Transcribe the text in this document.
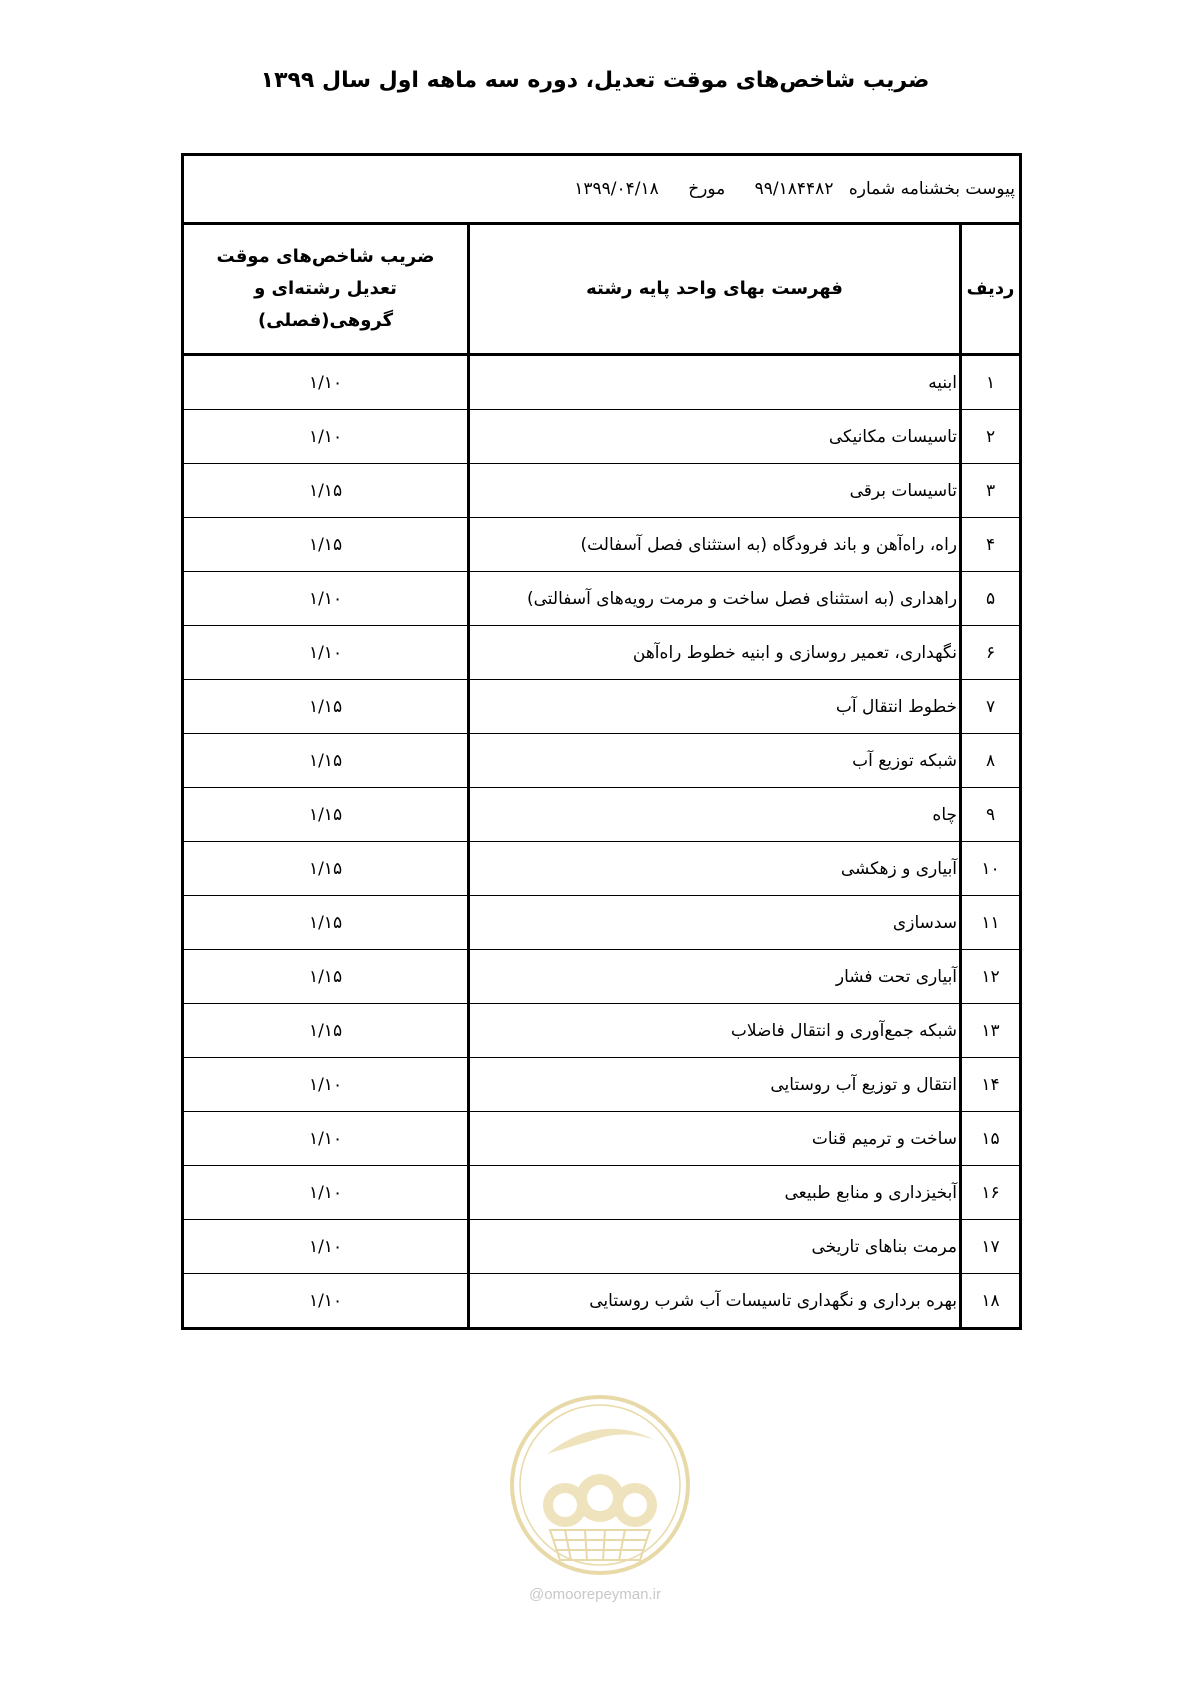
ضریب شاخص‌های موقت تعدیل، دوره سه ماهه اول سال ۱۳۹۹
پیوست بخشنامه شماره ۹۹/۱۸۴۴۸۲ مورخ ۱۳۹۹/۰۴/۱۸		
ردیف	فهرست بهای واحد پایه رشته	ضریب شاخص‌های موقت
تعدیل رشته‌ای و گروهی(فصلی)

۱	ابنیه	۱/۱۰
۲	تاسیسات مکانیکی	۱/۱۰
۳	تاسیسات برقی	۱/۱۵
۴	راه، راه‌آهن و باند فرودگاه (به استثنای فصل آسفالت)	۱/۱۵
۵	راهداری (به استثنای فصل ساخت و مرمت رویه‌های آسفالتی)	۱/۱۰
۶	نگهداری، تعمیر روسازی و ابنیه خطوط راه‌آهن	۱/۱۰
۷	خطوط انتقال آب	۱/۱۵
۸	شبکه توزیع آب	۱/۱۵
۹	چاه	۱/۱۵
۱۰	آبیاری و زهکشی	۱/۱۵
۱۱	سدسازی	۱/۱۵
۱۲	آبیاری تحت فشار	۱/۱۵
۱۳	شبکه جمع‌آوری و انتقال فاضلاب	۱/۱۵
۱۴	انتقال و توزیع آب روستایی	۱/۱۰
۱۵	ساخت و ترمیم قنات	۱/۱۰
۱۶	آبخیزداری و منابع طبیعی	۱/۱۰
۱۷	مرمت بناهای تاریخی	۱/۱۰
۱۸	بهره برداری و نگهداری تاسیسات آب شرب روستایی	۱/۱۰
@omoorepeyman.ir
